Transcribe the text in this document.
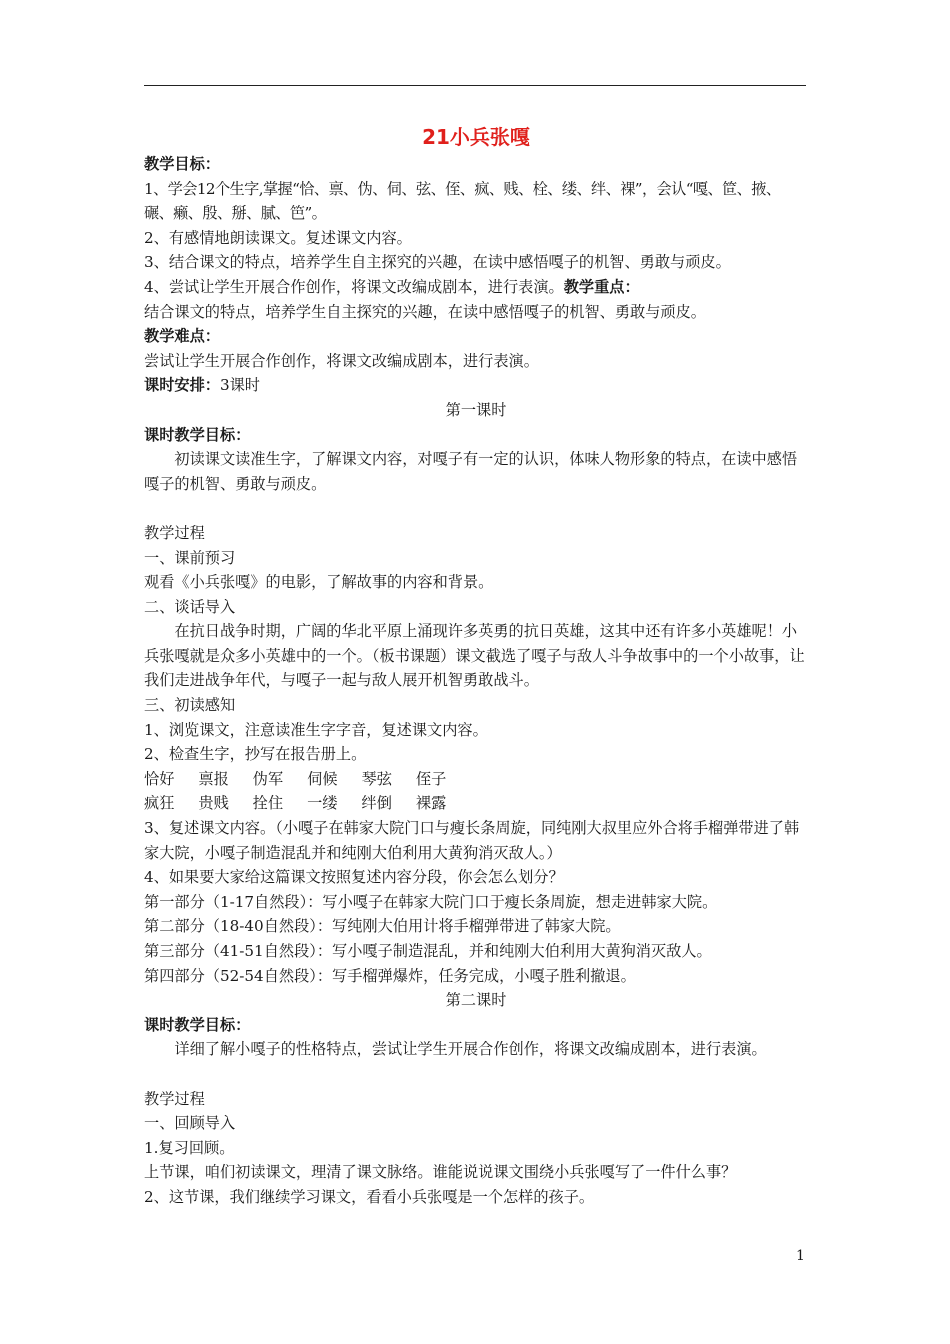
21小兵张嘎

教学目标：

1、学会12个生字,掌握“恰、禀、伪、伺、弦、侄、疯、贱、栓、缕、绊、裸”，会认“嘎、笸、掖、碾、癞、殷、掰、腻、笆”。

2、有感情地朗读课文。复述课文内容。

3、结合课文的特点，培养学生自主探究的兴趣，在读中感悟嘎子的机智、勇敢与顽皮。

4、尝试让学生开展合作创作，将课文改编成剧本，进行表演。教学重点：

结合课文的特点，培养学生自主探究的兴趣，在读中感悟嘎子的机智、勇敢与顽皮。

教学难点：

尝试让学生开展合作创作，将课文改编成剧本，进行表演。

课时安排：3课时

第一课时

课时教学目标：

初读课文读准生字，了解课文内容，对嘎子有一定的认识，体味人物形象的特点，在读中感悟嘎子的机智、勇敢与顽皮。

教学过程

一、课前预习

观看《小兵张嘎》的电影，了解故事的内容和背景。

二、谈话导入

在抗日战争时期，广阔的华北平原上涌现许多英勇的抗日英雄，这其中还有许多小英雄呢！小兵张嘎就是众多小英雄中的一个。（板书课题）课文截选了嘎子与敌人斗争故事中的一个小故事，让我们走进战争年代，与嘎子一起与敌人展开机智勇敢战斗。

三、初读感知

1、浏览课文，注意读准生字字音，复述课文内容。

2、检查生字，抄写在报告册上。

恰好 禀报 伪军 伺候 琴弦 侄子

疯狂 贵贱 拴住 一缕 绊倒 裸露

3、复述课文内容。（小嘎子在韩家大院门口与瘦长条周旋，同纯刚大叔里应外合将手榴弹带进了韩家大院，小嘎子制造混乱并和纯刚大伯利用大黄狗消灭敌人。）

4、如果要大家给这篇课文按照复述内容分段，你会怎么划分？

第一部分（1-17自然段）：写小嘎子在韩家大院门口于瘦长条周旋，想走进韩家大院。

第二部分（18-40自然段）：写纯刚大伯用计将手榴弹带进了韩家大院。

第三部分（41-51自然段）：写小嘎子制造混乱，并和纯刚大伯利用大黄狗消灭敌人。

第四部分（52-54自然段）：写手榴弹爆炸，任务完成，小嘎子胜利撤退。

第二课时

课时教学目标：

详细了解小嘎子的性格特点，尝试让学生开展合作创作，将课文改编成剧本，进行表演。

教学过程

一、回顾导入

1.复习回顾。

上节课，咱们初读课文，理清了课文脉络。谁能说说课文围绕小兵张嘎写了一件什么事？

2、这节课，我们继续学习课文，看看小兵张嘎是一个怎样的孩子。

1
